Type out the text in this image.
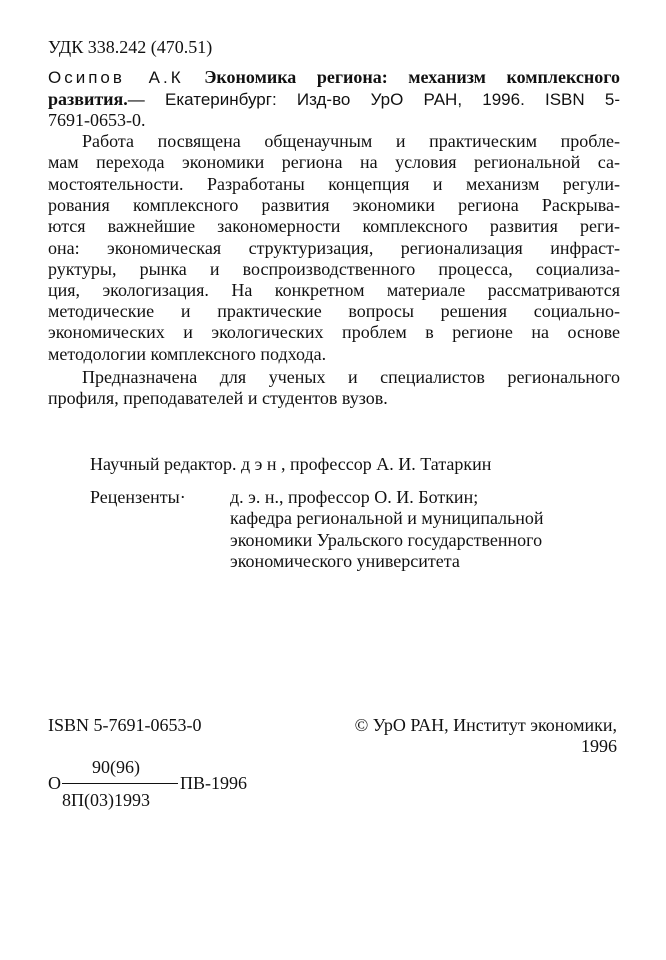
УДК 338.242 (470.51)
Осипов А.К Экономика региона: механизм комплексного
развития.— Екатеринбург: Изд-во УрО РАН, 1996. ISBN 5-
7691-0653-0.
Работа посвящена общенаучным и практическим пробле-
мам перехода экономики региона на условия региональной са-
мостоятельности. Разработаны концепция и механизм регули-
рования комплексного развития экономики региона Раскрыва-
ются важнейшие закономерности комплексного развития реги-
она: экономическая структуризация, регионализация инфраст-
руктуры, рынка и воспроизводственного процесса, социализа-
ция, экологизация. На конкретном материале рассматриваются
методические и практические вопросы решения социально-
экономических и экологических проблем в регионе на основе
методологии комплексного подхода.
Предназначена для ученых и специалистов регионального
профиля, преподавателей и студентов вузов.
Научный редактор. д э н , профессор А. И. Татаркин
Рецензенты· д. э. н., профессор О. И. Боткин;
кафедра региональной и муниципальной
экономики Уральского государственного
экономического университета
ISBN 5-7691-0653-0	© УрО РАН, Институт экономики,
1996
О
90(96)
8П(03)1993
ПВ-1996
